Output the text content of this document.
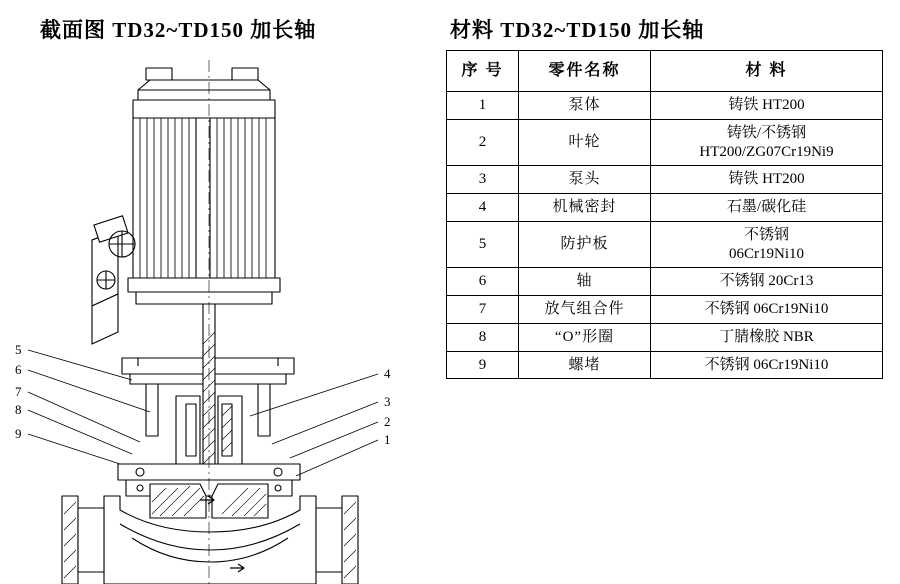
截面图 TD32~TD150 加长轴
5
6
7
8
9
4
3
2
1
材料 TD32~TD150 加长轴
序 号	零件名称	材 料
1	泵体	铸铁 HT200
2	叶轮	铸铁/不锈钢
HT200/ZG07Cr19Ni9
3	泵头	铸铁 HT200
4	机械密封	石墨/碳化硅
5	防护板	不锈钢
06Cr19Ni10
6	轴	不锈钢 20Cr13
7	放气组合件	不锈钢 06Cr19Ni10
8	“O”形圈	丁腈橡胶 NBR
9	螺堵	不锈钢 06Cr19Ni10
